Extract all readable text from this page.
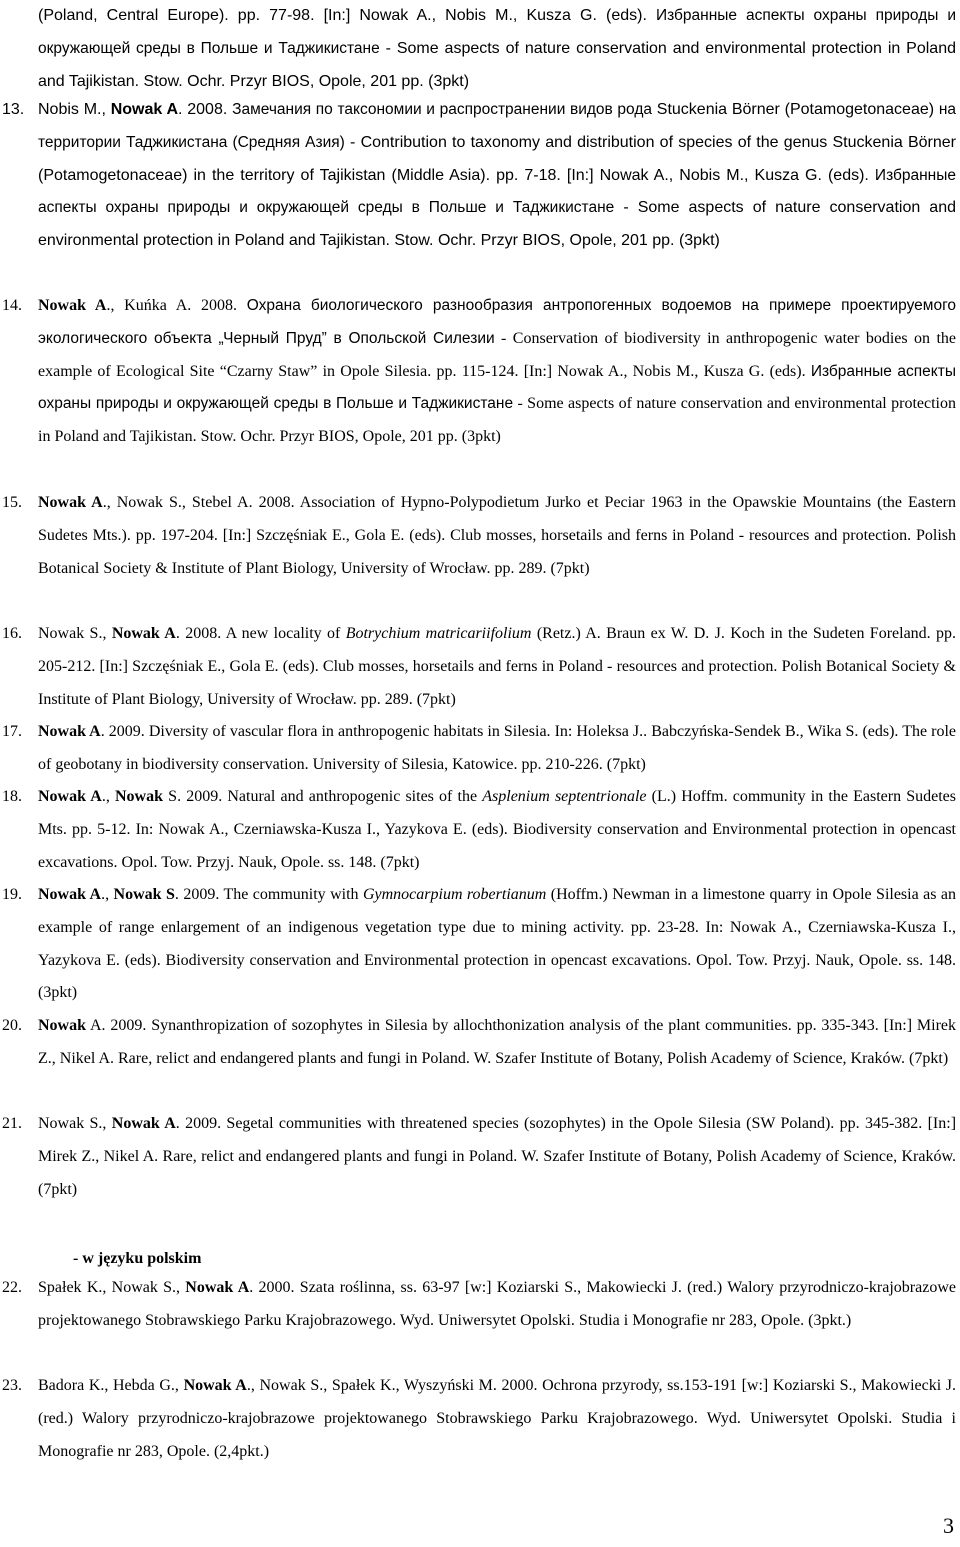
(Poland, Central Europe). pp. 77-98. [In:] Nowak A., Nobis M., Kusza G. (eds). Избранные аспекты охраны природы и окружающей среды в Польше и Таджикистане - Some aspects of nature conservation and environmental protection in Poland and Tajikistan. Stow. Ochr. Przyr BIOS, Opole, 201 pp. (3pkt)
13. Nobis M., Nowak A. 2008. Замечания по таксономии и распространении видов рода Stuckenia Börner (Potamogetonaceae) на территории Таджикистана (Средняя Азия) - Contribution to taxonomy and distribution of species of the genus Stuckenia Börner (Potamogetonaceae) in the territory of Tajikistan (Middle Asia). pp. 7-18. [In:] Nowak A., Nobis M., Kusza G. (eds). Избранные аспекты охраны природы и окружающей среды в Польше и Таджикистане - Some aspects of nature conservation and environmental protection in Poland and Tajikistan. Stow. Ochr. Przyr BIOS, Opole, 201 pp. (3pkt)
14.	Nowak A., Kuńka A. 2008. Охрана биологического разнообразия антропогенных водоемов на примере проектируемого экологического объекта „Черный Пруд” в Опольской Силезии - Conservation of biodiversity in anthropogenic water bodies on the example of Ecological Site “Czarny Staw” in Opole Silesia. pp. 115-124. [In:] Nowak A., Nobis M., Kusza G. (eds). Избранные аспекты охраны природы и окружающей среды в Польше и Таджикистане - Some aspects of nature conservation and environmental protection in Poland and Tajikistan. Stow. Ochr. Przyr BIOS, Opole, 201 pp. (3pkt)
15.	Nowak A., Nowak S., Stebel A. 2008. Association of Hypno-Polypodietum Jurko et Peciar 1963 in the Opawskie Mountains (the Eastern Sudetes Mts.). pp. 197-204. [In:] Szczęśniak E., Gola E. (eds). Club mosses, horsetails and ferns in Poland - resources and protection. Polish Botanical Society & Institute of Plant Biology, University of Wrocław. pp. 289. (7pkt)
16.	Nowak S., Nowak A. 2008. A new locality of Botrychium matricariifolium (Retz.) A. Braun ex W. D. J. Koch in the Sudeten Foreland. pp. 205-212. [In:] Szczęśniak E., Gola E. (eds). Club mosses, horsetails and ferns in Poland - resources and protection. Polish Botanical Society & Institute of Plant Biology, University of Wrocław. pp. 289. (7pkt)
17.	Nowak A. 2009. Diversity of vascular flora in anthropogenic habitats in Silesia. In: Holeksa J.. Babczyńska-Sendek B., Wika S. (eds). The role of geobotany in biodiversity conservation. University of Silesia, Katowice. pp. 210-226. (7pkt)
18.	Nowak A., Nowak S. 2009. Natural and anthropogenic sites of the Asplenium septentrionale (L.) Hoffm. community in the Eastern Sudetes Mts. pp. 5-12. In: Nowak A., Czerniawska-Kusza I., Yazykova E. (eds). Biodiversity conservation and Environmental protection in opencast excavations. Opol. Tow. Przyj. Nauk, Opole. ss. 148. (7pkt)
19.	Nowak A., Nowak S. 2009. The community with Gymnocarpium robertianum (Hoffm.) Newman in a limestone quarry in Opole Silesia as an example of range enlargement of an indigenous vegetation type due to mining activity. pp. 23-28. In: Nowak A., Czerniawska-Kusza I., Yazykova E. (eds). Biodiversity conservation and Environmental protection in opencast excavations. Opol. Tow. Przyj. Nauk, Opole. ss. 148. (3pkt)
20.	Nowak A. 2009. Synanthropization of sozophytes in Silesia by allochthonization analysis of the plant communities. pp. 335-343. [In:] Mirek Z., Nikel A. Rare, relict and endangered plants and fungi in Poland. W. Szafer Institute of Botany, Polish Academy of Science, Kraków. (7pkt)
21.	Nowak S., Nowak A. 2009. Segetal communities with threatened species (sozophytes) in the Opole Silesia (SW Poland). pp. 345-382. [In:] Mirek Z., Nikel A. Rare, relict and endangered plants and fungi in Poland. W. Szafer Institute of Botany, Polish Academy of Science, Kraków. (7pkt)
- w języku polskim
22.	Spałek K., Nowak S., Nowak A. 2000. Szata roślinna, ss. 63-97 [w:] Koziarski S., Makowiecki J. (red.) Walory przyrodniczo-krajobrazowe projektowanego Stobrawskiego Parku Krajobrazowego. Wyd. Uniwersytet Opolski. Studia i Monografie nr 283, Opole. (3pkt.)
23.	Badora K., Hebda G., Nowak A., Nowak S., Spałek K., Wyszyński M. 2000. Ochrona przyrody, ss.153-191 [w:] Koziarski S., Makowiecki J. (red.) Walory przyrodniczo-krajobrazowe projektowanego Stobrawskiego Parku Krajobrazowego. Wyd. Uniwersytet Opolski. Studia i Monografie nr 283, Opole. (2,4pkt.)
3
